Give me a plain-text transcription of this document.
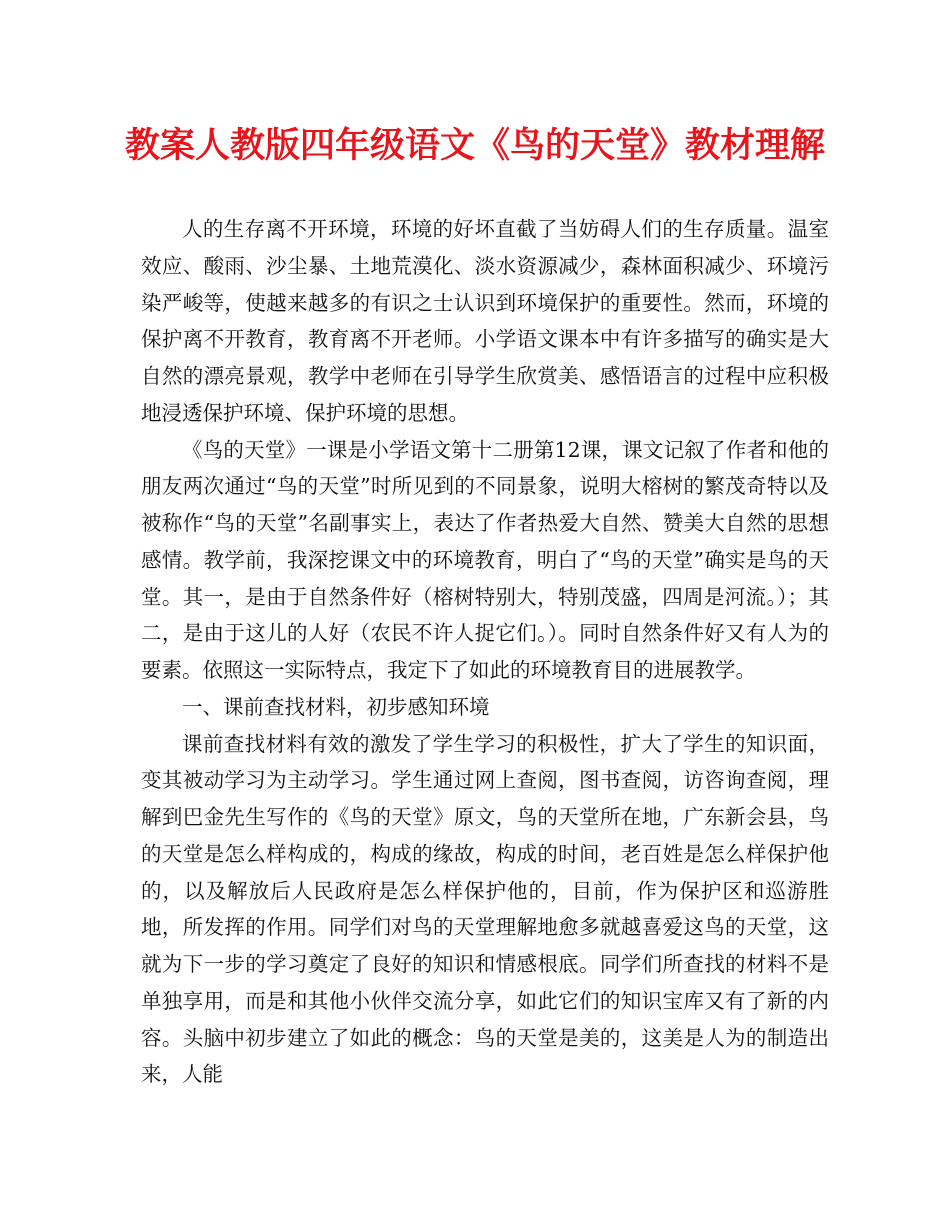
教案人教版四年级语文《鸟的天堂》教材理解

人的生存离不开环境，环境的好坏直截了当妨碍人们的生存质量。温室效应、酸雨、沙尘暴、土地荒漠化、淡水资源减少，森林面积减少、环境污染严峻等，使越来越多的有识之士认识到环境保护的重要性。然而，环境的保护离不开教育，教育离不开老师。小学语文课本中有许多描写的确实是大自然的漂亮景观，教学中老师在引导学生欣赏美、感悟语言的过程中应积极地浸透保护环境、保护环境的思想。

《鸟的天堂》一课是小学语文第十二册第12课，课文记叙了作者和他的朋友两次通过“鸟的天堂”时所见到的不同景象，说明大榕树的繁茂奇特以及被称作“鸟的天堂”名副事实上，表达了作者热爱大自然、赞美大自然的思想感情。教学前，我深挖课文中的环境教育，明白了“鸟的天堂”确实是鸟的天堂。其一，是由于自然条件好（榕树特别大，特别茂盛，四周是河流。）；其二，是由于这儿的人好（农民不许人捉它们。）。同时自然条件好又有人为的要素。依照这一实际特点，我定下了如此的环境教育目的进展教学。

一、课前查找材料，初步感知环境

课前查找材料有效的激发了学生学习的积极性，扩大了学生的知识面，变其被动学习为主动学习。学生通过网上查阅，图书查阅，访咨询查阅，理解到巴金先生写作的《鸟的天堂》原文，鸟的天堂所在地，广东新会县，鸟的天堂是怎么样构成的，构成的缘故，构成的时间，老百姓是怎么样保护他的，以及解放后人民政府是怎么样保护他的，目前，作为保护区和巡游胜地，所发挥的作用。同学们对鸟的天堂理解地愈多就越喜爱这鸟的天堂，这就为下一步的学习奠定了良好的知识和情感根底。同学们所查找的材料不是单独享用，而是和其他小伙伴交流分享，如此它们的知识宝库又有了新的内容。头脑中初步建立了如此的概念：鸟的天堂是美的，这美是人为的制造出来，人能
